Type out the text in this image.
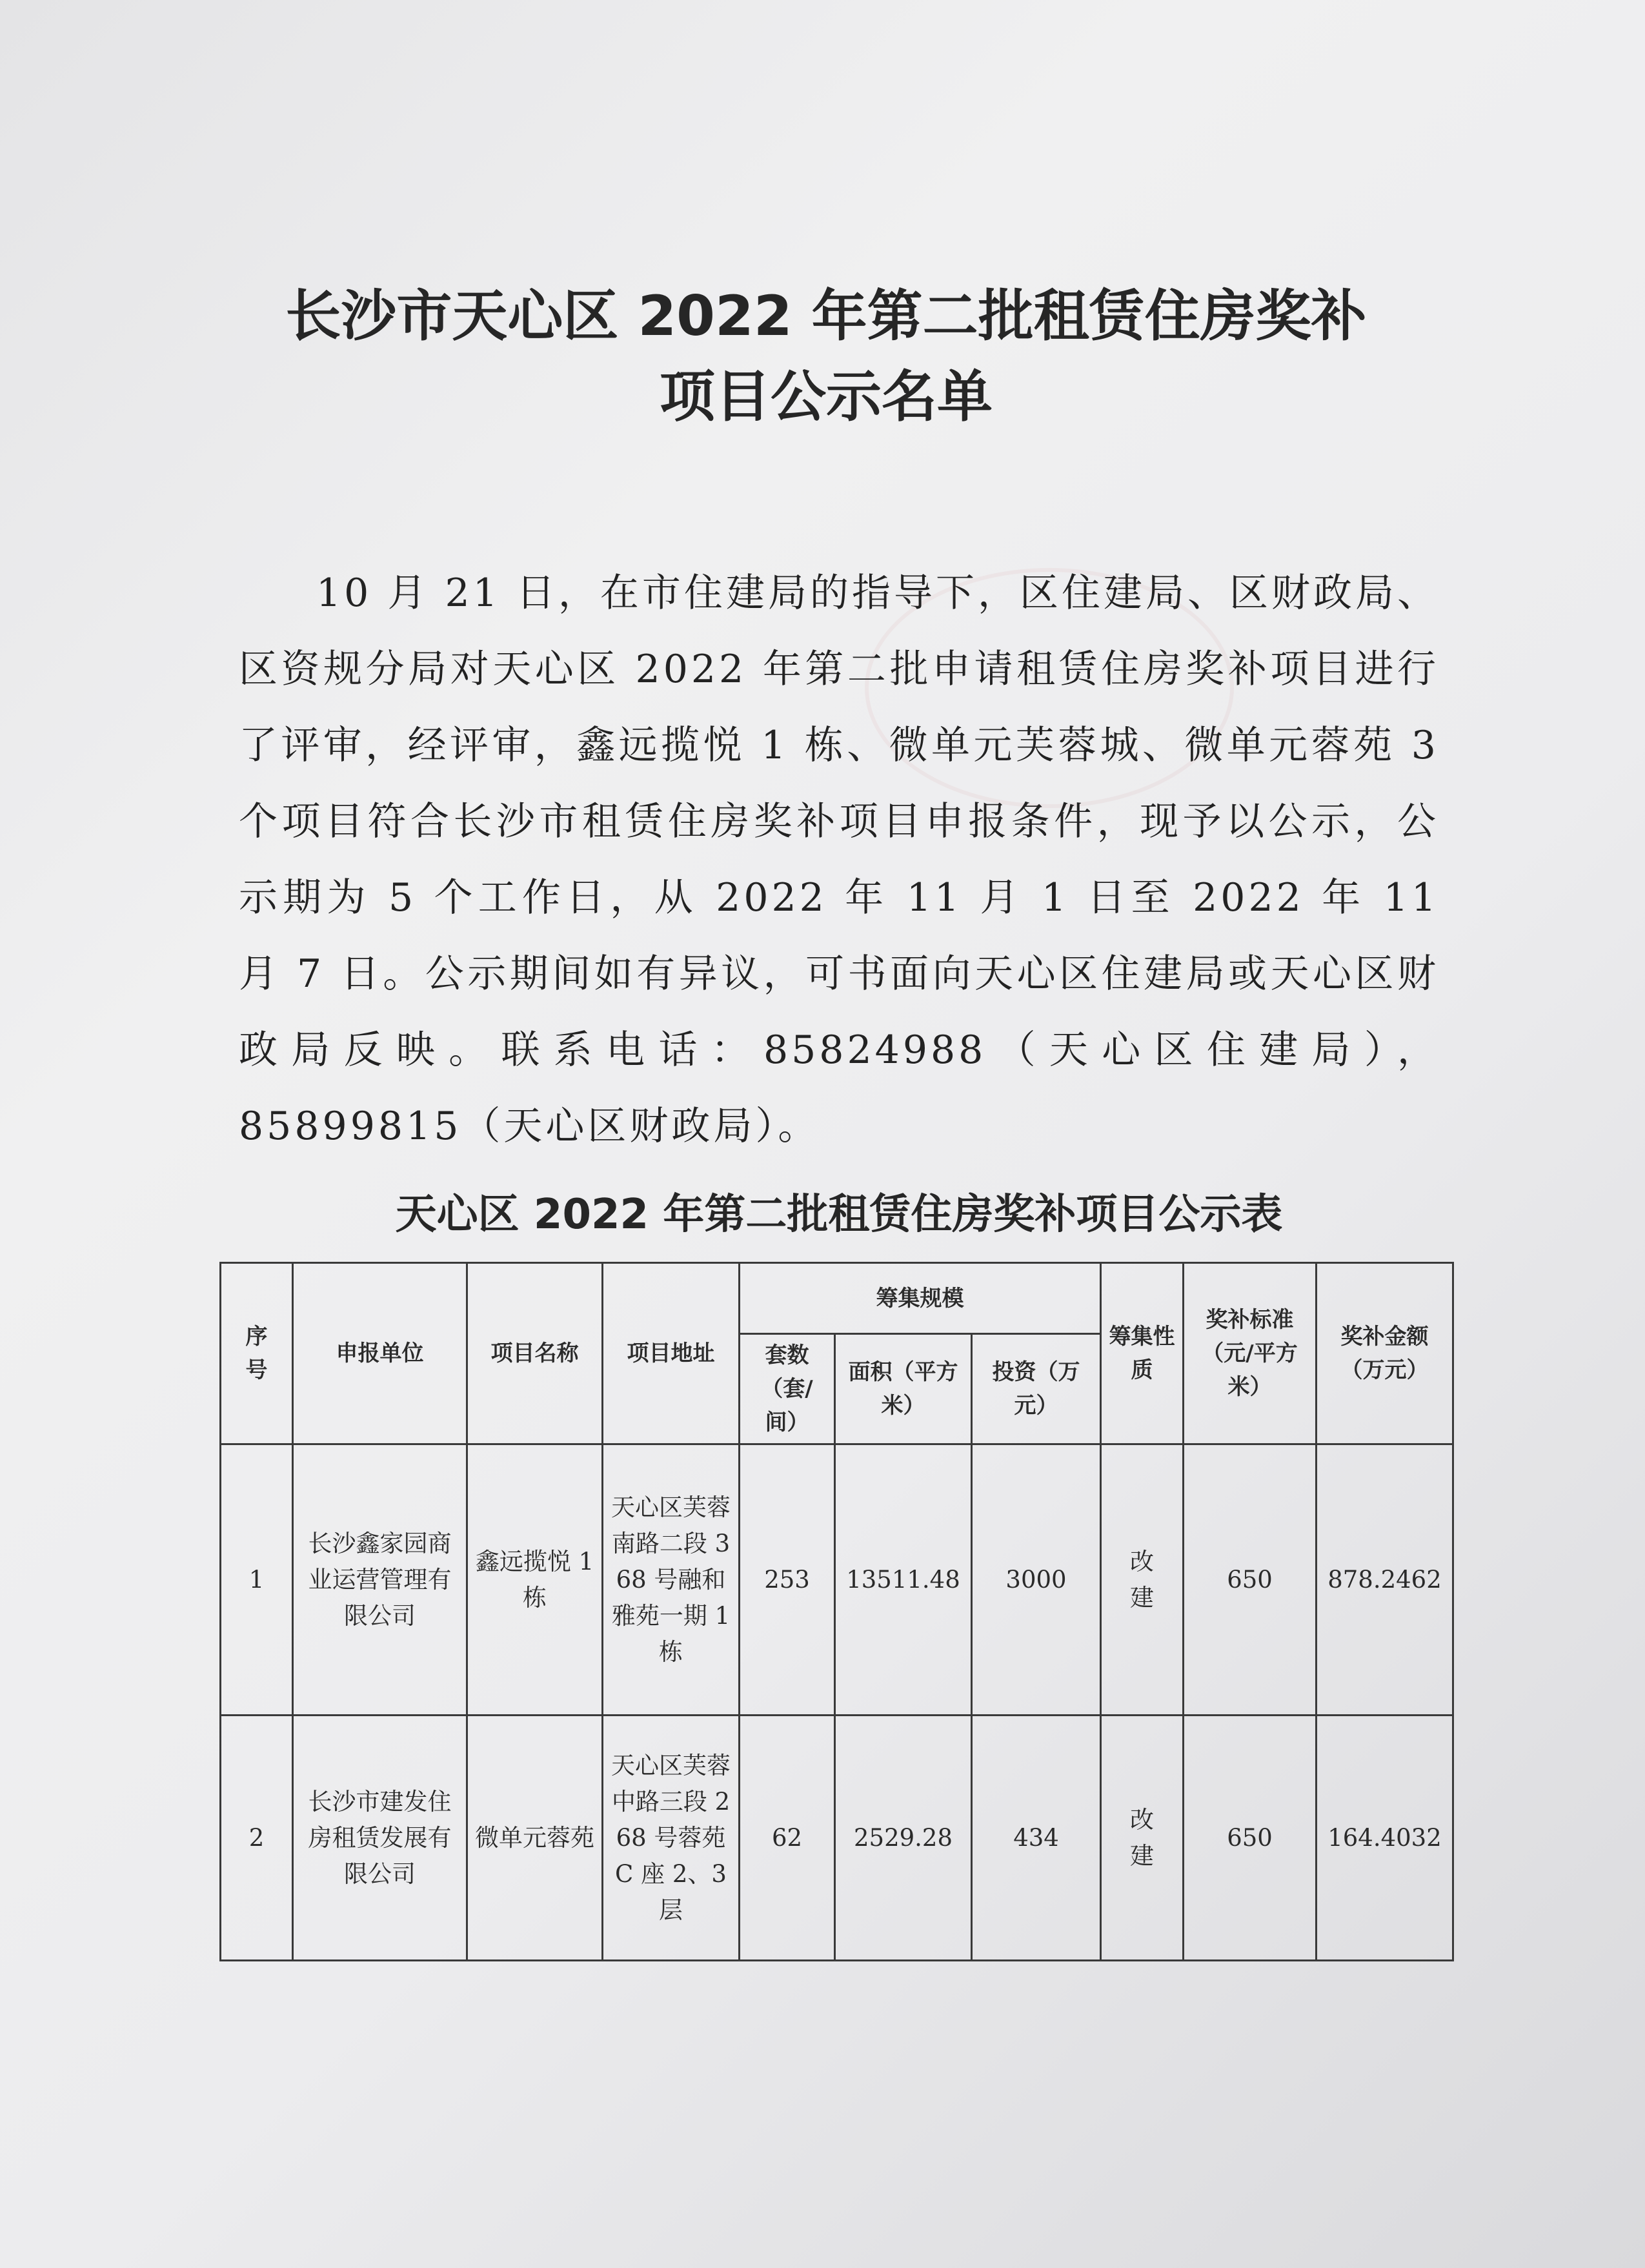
长沙市天心区 2022 年第二批租赁住房奖补
项目公示名单

10 月 21 日，在市住建局的指导下，区住建局、区财政局、区资规分局对天心区 2022 年第二批申请租赁住房奖补项目进行了评审，经评审，鑫远揽悦 1 栋、微单元芙蓉城、微单元蓉苑 3 个项目符合长沙市租赁住房奖补项目申报条件，现予以公示，公示期为 5 个工作日，从 2022 年 11 月 1 日至 2022 年 11 月 7 日。公示期间如有异议，可书面向天心区住建局或天心区财政局反映。联系电话：85824988（天心区住建局），85899815（天心区财政局）。

天心区 2022 年第二批租赁住房奖补项目公示表
序号	申报单位	项目名称	项目地址	筹集规模			筹集性质	奖补标准（元/平方米）	奖补金额（万元）
				套数（套/间）	面积（平方米）	投资（万元）			
1	长沙鑫家园商业运营管理有限公司	鑫远揽悦 1 栋	天心区芙蓉南路二段 368 号融和雅苑一期 1 栋	253	13511.48	3000	改建	650	878.2462
2	长沙市建发住房租赁发展有限公司	微单元蓉苑	天心区芙蓉中路三段 268 号蓉苑 C 座 2、3 层	62	2529.28	434	改建	650	164.4032
